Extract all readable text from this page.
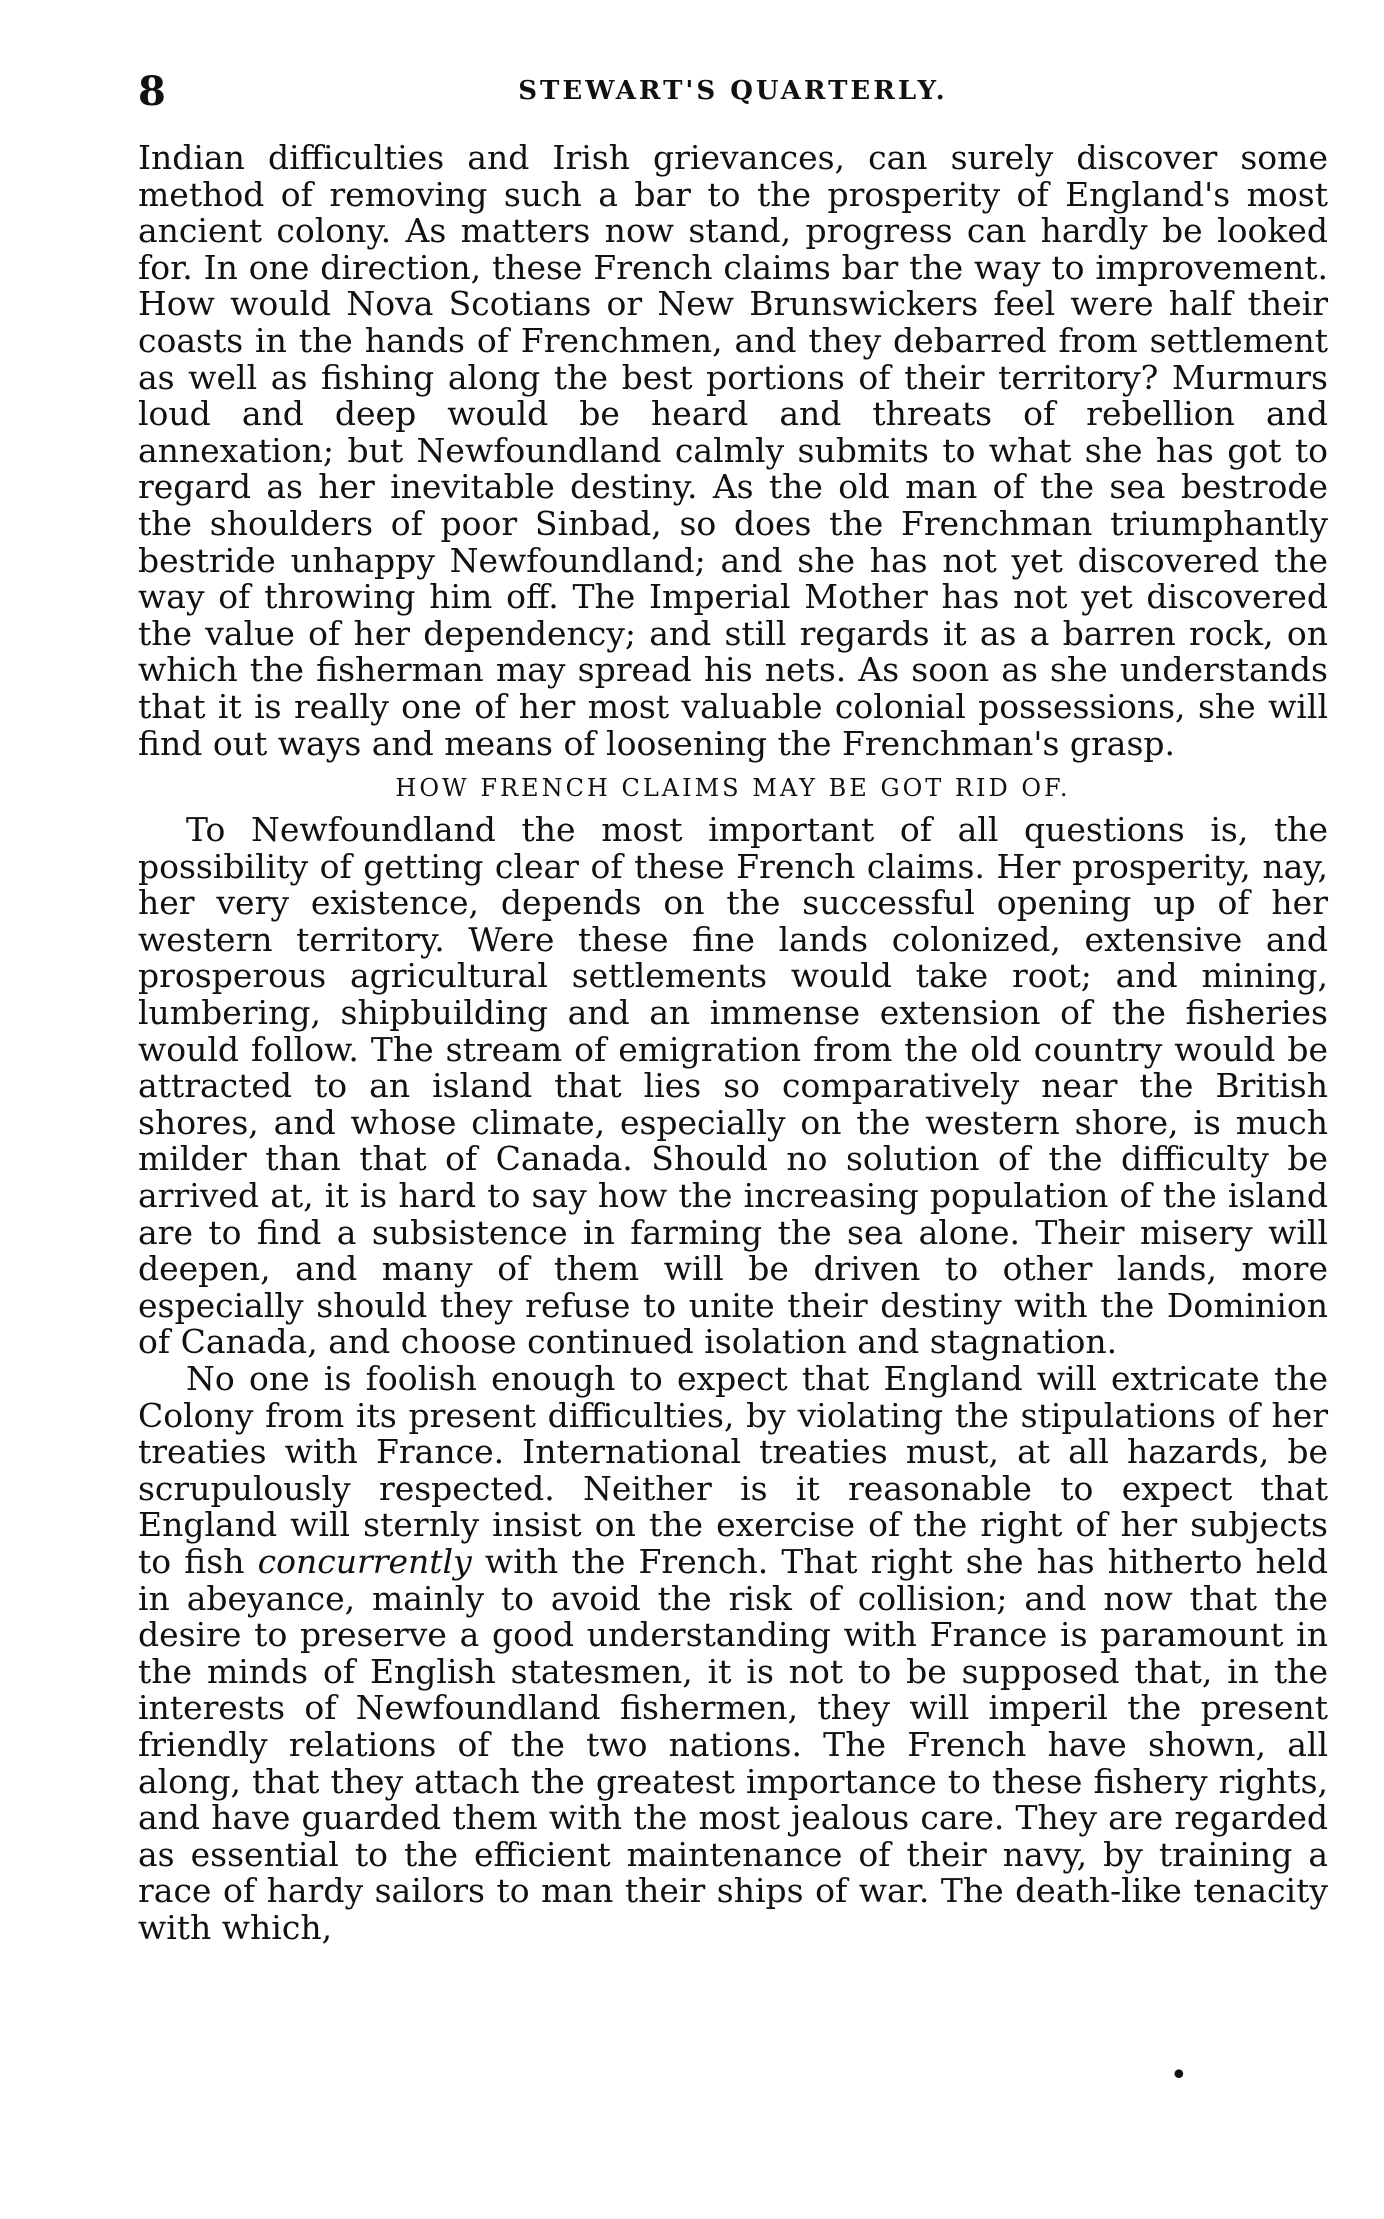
8	STEWART'S QUARTERLY.

Indian difficulties and Irish grievances, can surely discover some method of removing such a bar to the prosperity of England's most ancient colony. As matters now stand, progress can hardly be looked for. In one direction, these French claims bar the way to improvement. How would Nova Scotians or New Brunswickers feel were half their coasts in the hands of Frenchmen, and they debarred from settlement as well as fishing along the best portions of their territory? Murmurs loud and deep would be heard and threats of rebellion and annexation; but Newfoundland calmly submits to what she has got to regard as her inevitable destiny. As the old man of the sea bestrode the shoulders of poor Sinbad, so does the Frenchman triumphantly bestride unhappy Newfoundland; and she has not yet discovered the way of throwing him off. The Imperial Mother has not yet discovered the value of her dependency; and still regards it as a barren rock, on which the fisherman may spread his nets. As soon as she understands that it is really one of her most valuable colonial possessions, she will find out ways and means of loosening the Frenchman's grasp.

HOW FRENCH CLAIMS MAY BE GOT RID OF.

To Newfoundland the most important of all questions is, the possibility of getting clear of these French claims. Her prosperity, nay, her very existence, depends on the successful opening up of her western territory. Were these fine lands colonized, extensive and prosperous agricultural settlements would take root; and mining, lumbering, shipbuilding and an immense extension of the fisheries would follow. The stream of emigration from the old country would be attracted to an island that lies so comparatively near the British shores, and whose climate, especially on the western shore, is much milder than that of Canada. Should no solution of the difficulty be arrived at, it is hard to say how the increasing population of the island are to find a subsistence in farming the sea alone. Their misery will deepen, and many of them will be driven to other lands, more especially should they refuse to unite their destiny with the Dominion of Canada, and choose continued isolation and stagnation.

No one is foolish enough to expect that England will extricate the Colony from its present difficulties, by violating the stipulations of her treaties with France. International treaties must, at all hazards, be scrupulously respected. Neither is it reasonable to expect that England will sternly insist on the exercise of the right of her subjects to fish concurrently with the French. That right she has hitherto held in abeyance, mainly to avoid the risk of collision; and now that the desire to preserve a good understanding with France is paramount in the minds of English statesmen, it is not to be supposed that, in the interests of Newfoundland fishermen, they will imperil the present friendly relations of the two nations. The French have shown, all along, that they attach the greatest importance to these fishery rights, and have guarded them with the most jealous care. They are regarded as essential to the efficient maintenance of their navy, by training a race of hardy sailors to man their ships of war. The death-like tenacity with which,

•
